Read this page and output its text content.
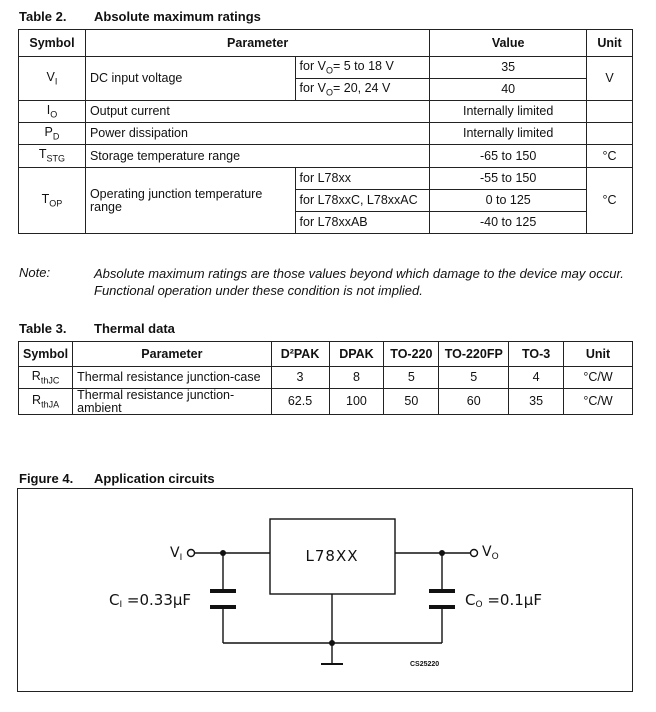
Table 2. Absolute maximum ratings
Symbol	Parameter		Value	Unit
$V_I$	DC input voltage	for $V_O= 5$ to 18 V	35	V
		for $V_O= 20$, 24 V	40	
$I_O$	Output current		Internally limited	
$P_D$	Power dissipation		Internally limited	
$T_{STG}$	Storage temperature range		-65 to 150	°C
$T_{OP}$	Operating junction temperature range	for L78xx	-55 to 150	°C
		for L78xxC, L78xxAC	0 to 125	
		for L78xxAB	-40 to 125	
Note:	Absolute maximum ratings are those values beyond which damage to the device may occur.
Functional operation under these condition is not implied.
Table 3. Thermal data
Symbol	Parameter	D²PAK	DPAK	TO-220	TO-220FP	TO-3	Unit
$R_{thJC}$	Thermal resistance junction-case	3	8	5	5	4	°C/W
$R_{thJA}$	Thermal resistance junction-ambient	62.5	100	50	60	35	°C/W
Figure 4. Application circuits
L78XX
$V_I$	$V_O$
CI =0.33μF	CO =0.1μF
CS25220
